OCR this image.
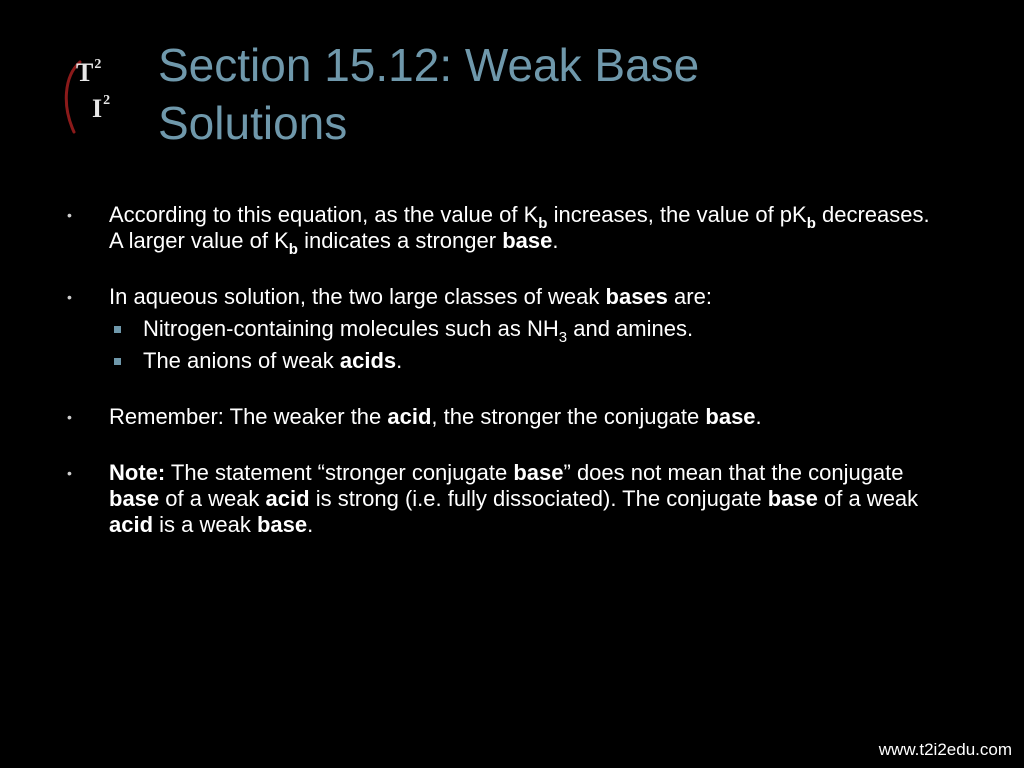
$T^2$
$I^2$
Section 15.12: Weak Base Solutions
• According to this equation, as the value of $K_b$ increases, the value of $pK_b$ decreases. A larger value of $K_b$ indicates a stronger base.
• In aqueous solution, the two large classes of weak bases are:
Nitrogen-containing molecules such as $NH_3$ and amines.
The anions of weak acids.
• Remember: The weaker the acid, the stronger the conjugate base.
• Note: The statement “stronger conjugate base” does not mean that the conjugate base of a weak acid is strong (i.e. fully dissociated). The conjugate base of a weak acid is a weak base.
www.t2i2edu.com
